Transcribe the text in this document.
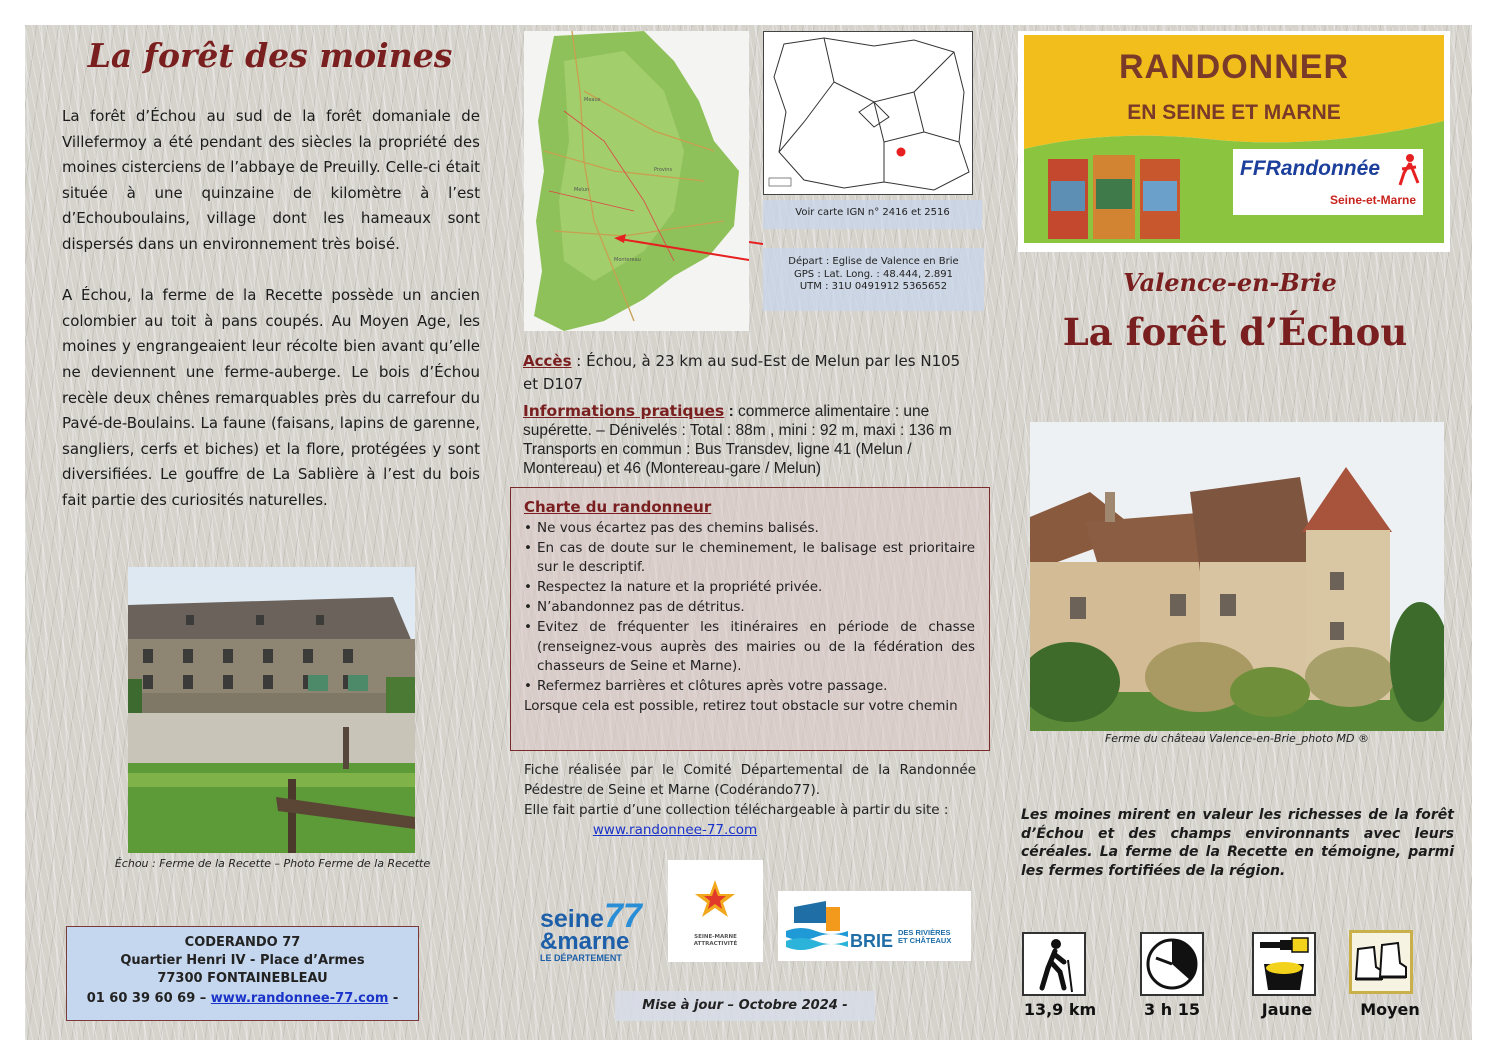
La forêt des moines

La forêt d’Échou au sud de la forêt domaniale de Villefermoy a été pendant des siècles la propriété des moines cisterciens de l’abbaye de Preuilly. Celle-ci était située à une quinzaine de kilomètre à l’est d’Echouboulains, village dont les hameaux sont dispersés dans un environnement très boisé.

A Échou, la ferme de la Recette possède un ancien colombier au toit à pans coupés. Au Moyen Age, les moines y engrangeaient leur récolte bien avant qu’elle ne deviennent une ferme-auberge. Le bois d’Échou recèle deux chênes remarquables près du carrefour du Pavé-de-Boulains. La faune (faisans, lapins de garenne, sangliers, cerfs et biches) et la flore, protégées y sont diversifiées. Le gouffre de La Sablière à l’est du bois fait partie des curiosités naturelles.

Échou : Ferme de la Recette – Photo Ferme de la Recette
CODERANDO 77
Quartier Henri IV - Place d’Armes
77300 FONTAINEBLEAU
01 60 39 60 69 – www.randonnee-77.com -
Meaux
Melun
Montereau
Provins
Voir carte IGN n° 2416 et 2516
Départ : Eglise de Valence en Brie
GPS : Lat. Long. : 48.444, 2.891
UTM : 31U 0491912 5365652
Accès : Échou, à 23 km au sud-Est de Melun par les N105 et D107
Informations pratiques : commerce alimentaire : une supérette. – Dénivelés : Total : 88m , mini : 92 m, maxi : 136 m Transports en commun : Bus Transdev, ligne 41 (Melun / Montereau) et 46 (Montereau-gare / Melun)
Charte du randonneur
• Ne vous écartez pas des chemins balisés.
• En cas de doute sur le cheminement, le balisage est prioritaire sur le descriptif.
• Respectez la nature et la propriété privée.
• N’abandonnez pas de détritus.
• Evitez de fréquenter les itinéraires en période de chasse (renseignez-vous auprès des mairies ou de la fédération des chasseurs de Seine et Marne).
• Refermez barrières et clôtures après votre passage.
Lorsque cela est possible, retirez tout obstacle sur votre chemin
Fiche réalisée par le Comité Départemental de la Randonnée Pédestre de Seine et Marne (Codérando77).
Elle fait partie d’une collection téléchargeable à partir du site :
www.randonnee-77.com
seine77
&marne
LE DÉPARTEMENT
SEINE-MARNE ATTRACTIVITÉ	BRIE DES RIVIÈRES
ET CHÂTEAUX
Mise à jour – Octobre 2024 -
RANDONNER
EN SEINE ET MARNE
FFRandonnée
Seine-et-Marne
Valence-en-Brie
La forêt d’Échou
Ferme du château Valence-en-Brie_photo MD ®
Les moines mirent en valeur les richesses de la forêt d’Échou et des champs environnants avec leurs céréales. La ferme de la Recette en témoigne, parmi les fermes fortifiées de la région.
13,9 km	3 h 15	Jaune	Moyen
